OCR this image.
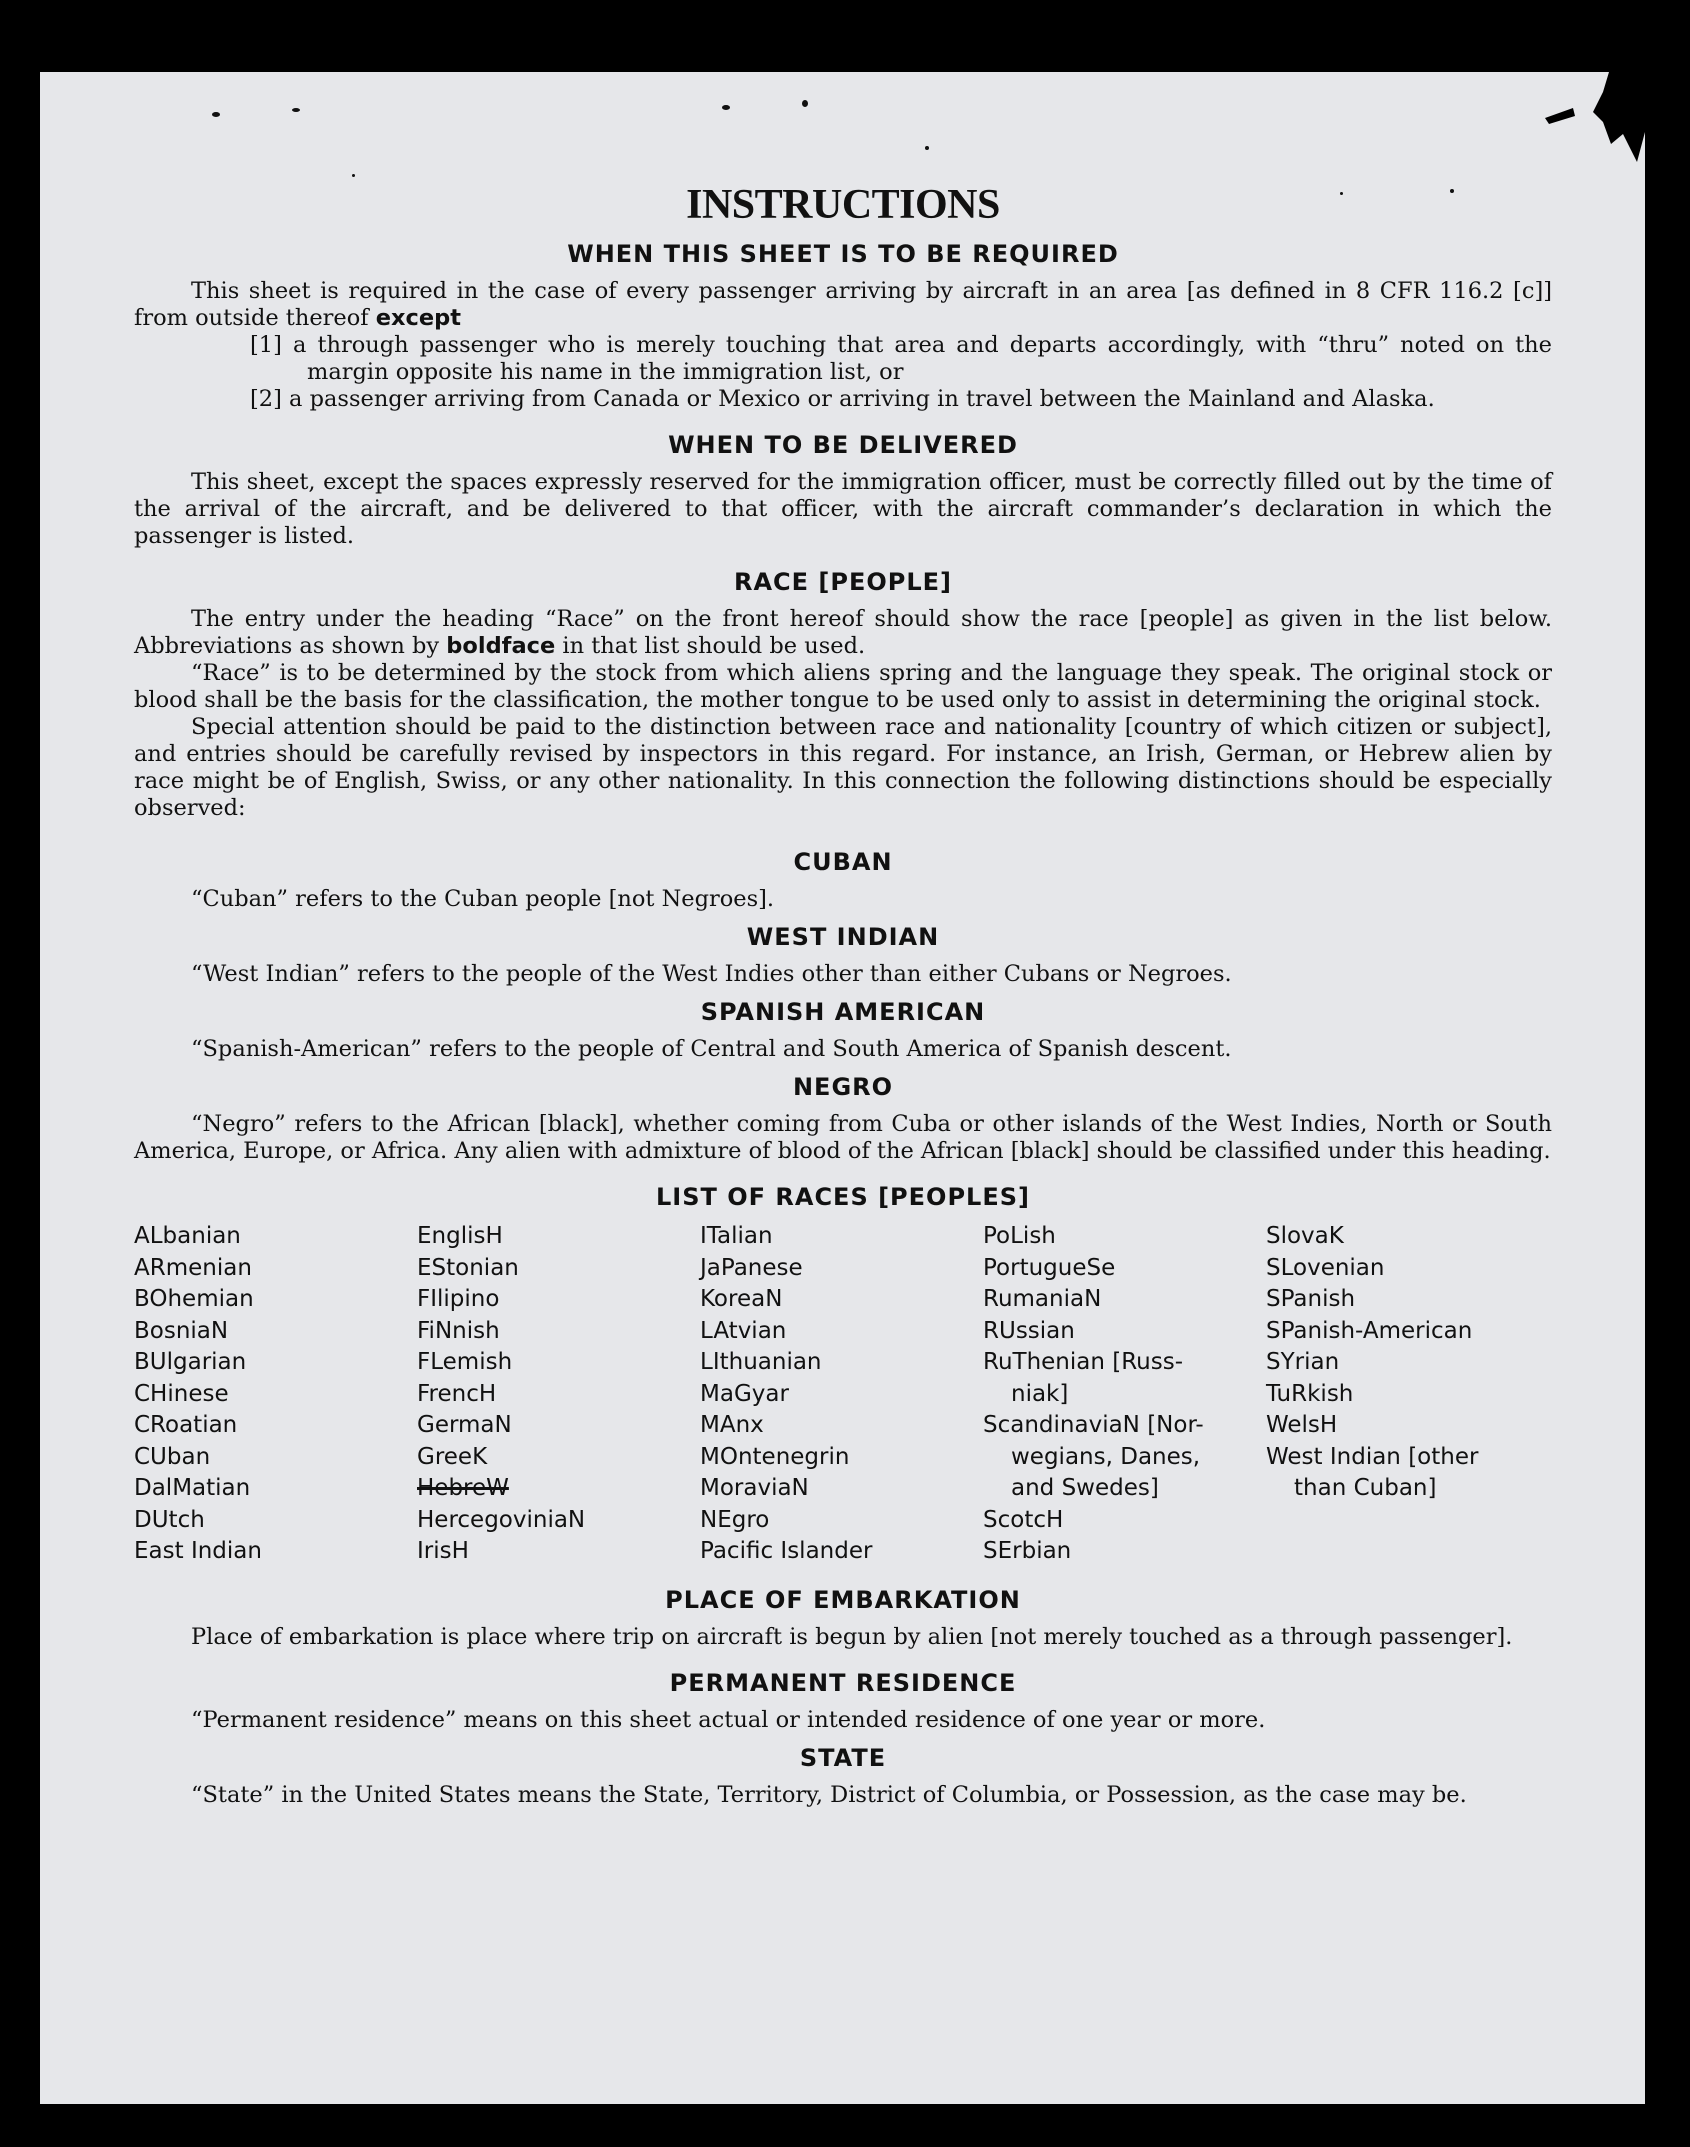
INSTRUCTIONS
WHEN THIS SHEET IS TO BE REQUIRED

This sheet is required in the case of every passenger arriving by aircraft in an area [as defined in 8 CFR 116.2 [c]] from outside thereof except

[1] a through passenger who is merely touching that area and departs accordingly, with “thru” noted on the margin opposite his name in the immigration list, or

[2] a passenger arriving from Canada or Mexico or arriving in travel between the Mainland and Alaska.

WHEN TO BE DELIVERED

This sheet, except the spaces expressly reserved for the immigration officer, must be correctly filled out by the time of the arrival of the aircraft, and be delivered to that officer, with the aircraft commander’s declaration in which the passenger is listed.

RACE [PEOPLE]

The entry under the heading “Race” on the front hereof should show the race [people] as given in the list below. Abbreviations as shown by boldface in that list should be used.

“Race” is to be determined by the stock from which aliens spring and the language they speak. The original stock or blood shall be the basis for the classification, the mother tongue to be used only to assist in determining the original stock.

Special attention should be paid to the distinction between race and nationality [country of which citizen or subject], and entries should be carefully revised by inspectors in this regard. For instance, an Irish, German, or Hebrew alien by race might be of English, Swiss, or any other nationality. In this connection the following distinctions should be especially observed:

CUBAN

“Cuban” refers to the Cuban people [not Negroes].

WEST INDIAN

“West Indian” refers to the people of the West Indies other than either Cubans or Negroes.

SPANISH AMERICAN

“Spanish-American” refers to the people of Central and South America of Spanish descent.

NEGRO

“Negro” refers to the African [black], whether coming from Cuba or other islands of the West Indies, North or South America, Europe, or Africa. Any alien with admixture of blood of the African [black] should be classified under this heading.

LIST OF RACES [PEOPLES]
ALbanian
ARmenian
BOhemian
BosniaN
BUlgarian
CHinese
CRoatian
CUban
DalMatian
DUtch
East Indian
EnglisH
EStonian
FIlipino
FiNnish
FLemish
FrencH
GermaN
GreeK
HebreW
HercegoviniaN
IrisH
ITalian
JaPanese
KoreaN
LAtvian
LIthuanian
MaGyar
MAnx
MOntenegrin
MoraviaN
NEgro
Pacific Islander
PoLish
PortugueSe
RumaniaN
RUssian
RuThenian [Russ-
niak]
ScandinaviaN [Nor-
wegians, Danes,
and Swedes]
ScotcH
SErbian
SlovaK
SLovenian
SPanish
SPanish-American
SYrian
TuRkish
WelsH
West Indian [other
than Cuban]
PLACE OF EMBARKATION

Place of embarkation is place where trip on aircraft is begun by alien [not merely touched as a through passenger].

PERMANENT RESIDENCE

“Permanent residence” means on this sheet actual or intended residence of one year or more.

STATE

“State” in the United States means the State, Territory, District of Columbia, or Possession, as the case may be.
